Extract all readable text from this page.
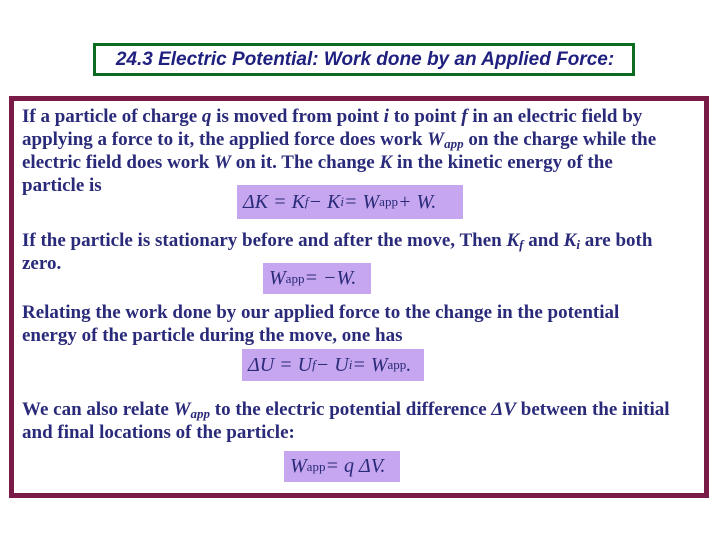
24.3 Electric Potential: Work done by an Applied Force:
If a particle of charge q is moved from point i to point f in an electric field by
applying a force to it, the applied force does work $W_{app}$ on the charge while the
electric field does work W on it. The change K in the kinetic energy of the
particle is
ΔK = K f − K i = W app + W.
If the particle is stationary before and after the move, Then $K_f$ and $K_i$ are both
zero.
W app = −W.
Relating the work done by our applied force to the change in the potential
energy of the particle during the move, one has
ΔU = U f − U i = W app .
We can also relate $W_{app}$ to the electric potential difference ΔV between the initial
and final locations of the particle:
W app = q ΔV.
